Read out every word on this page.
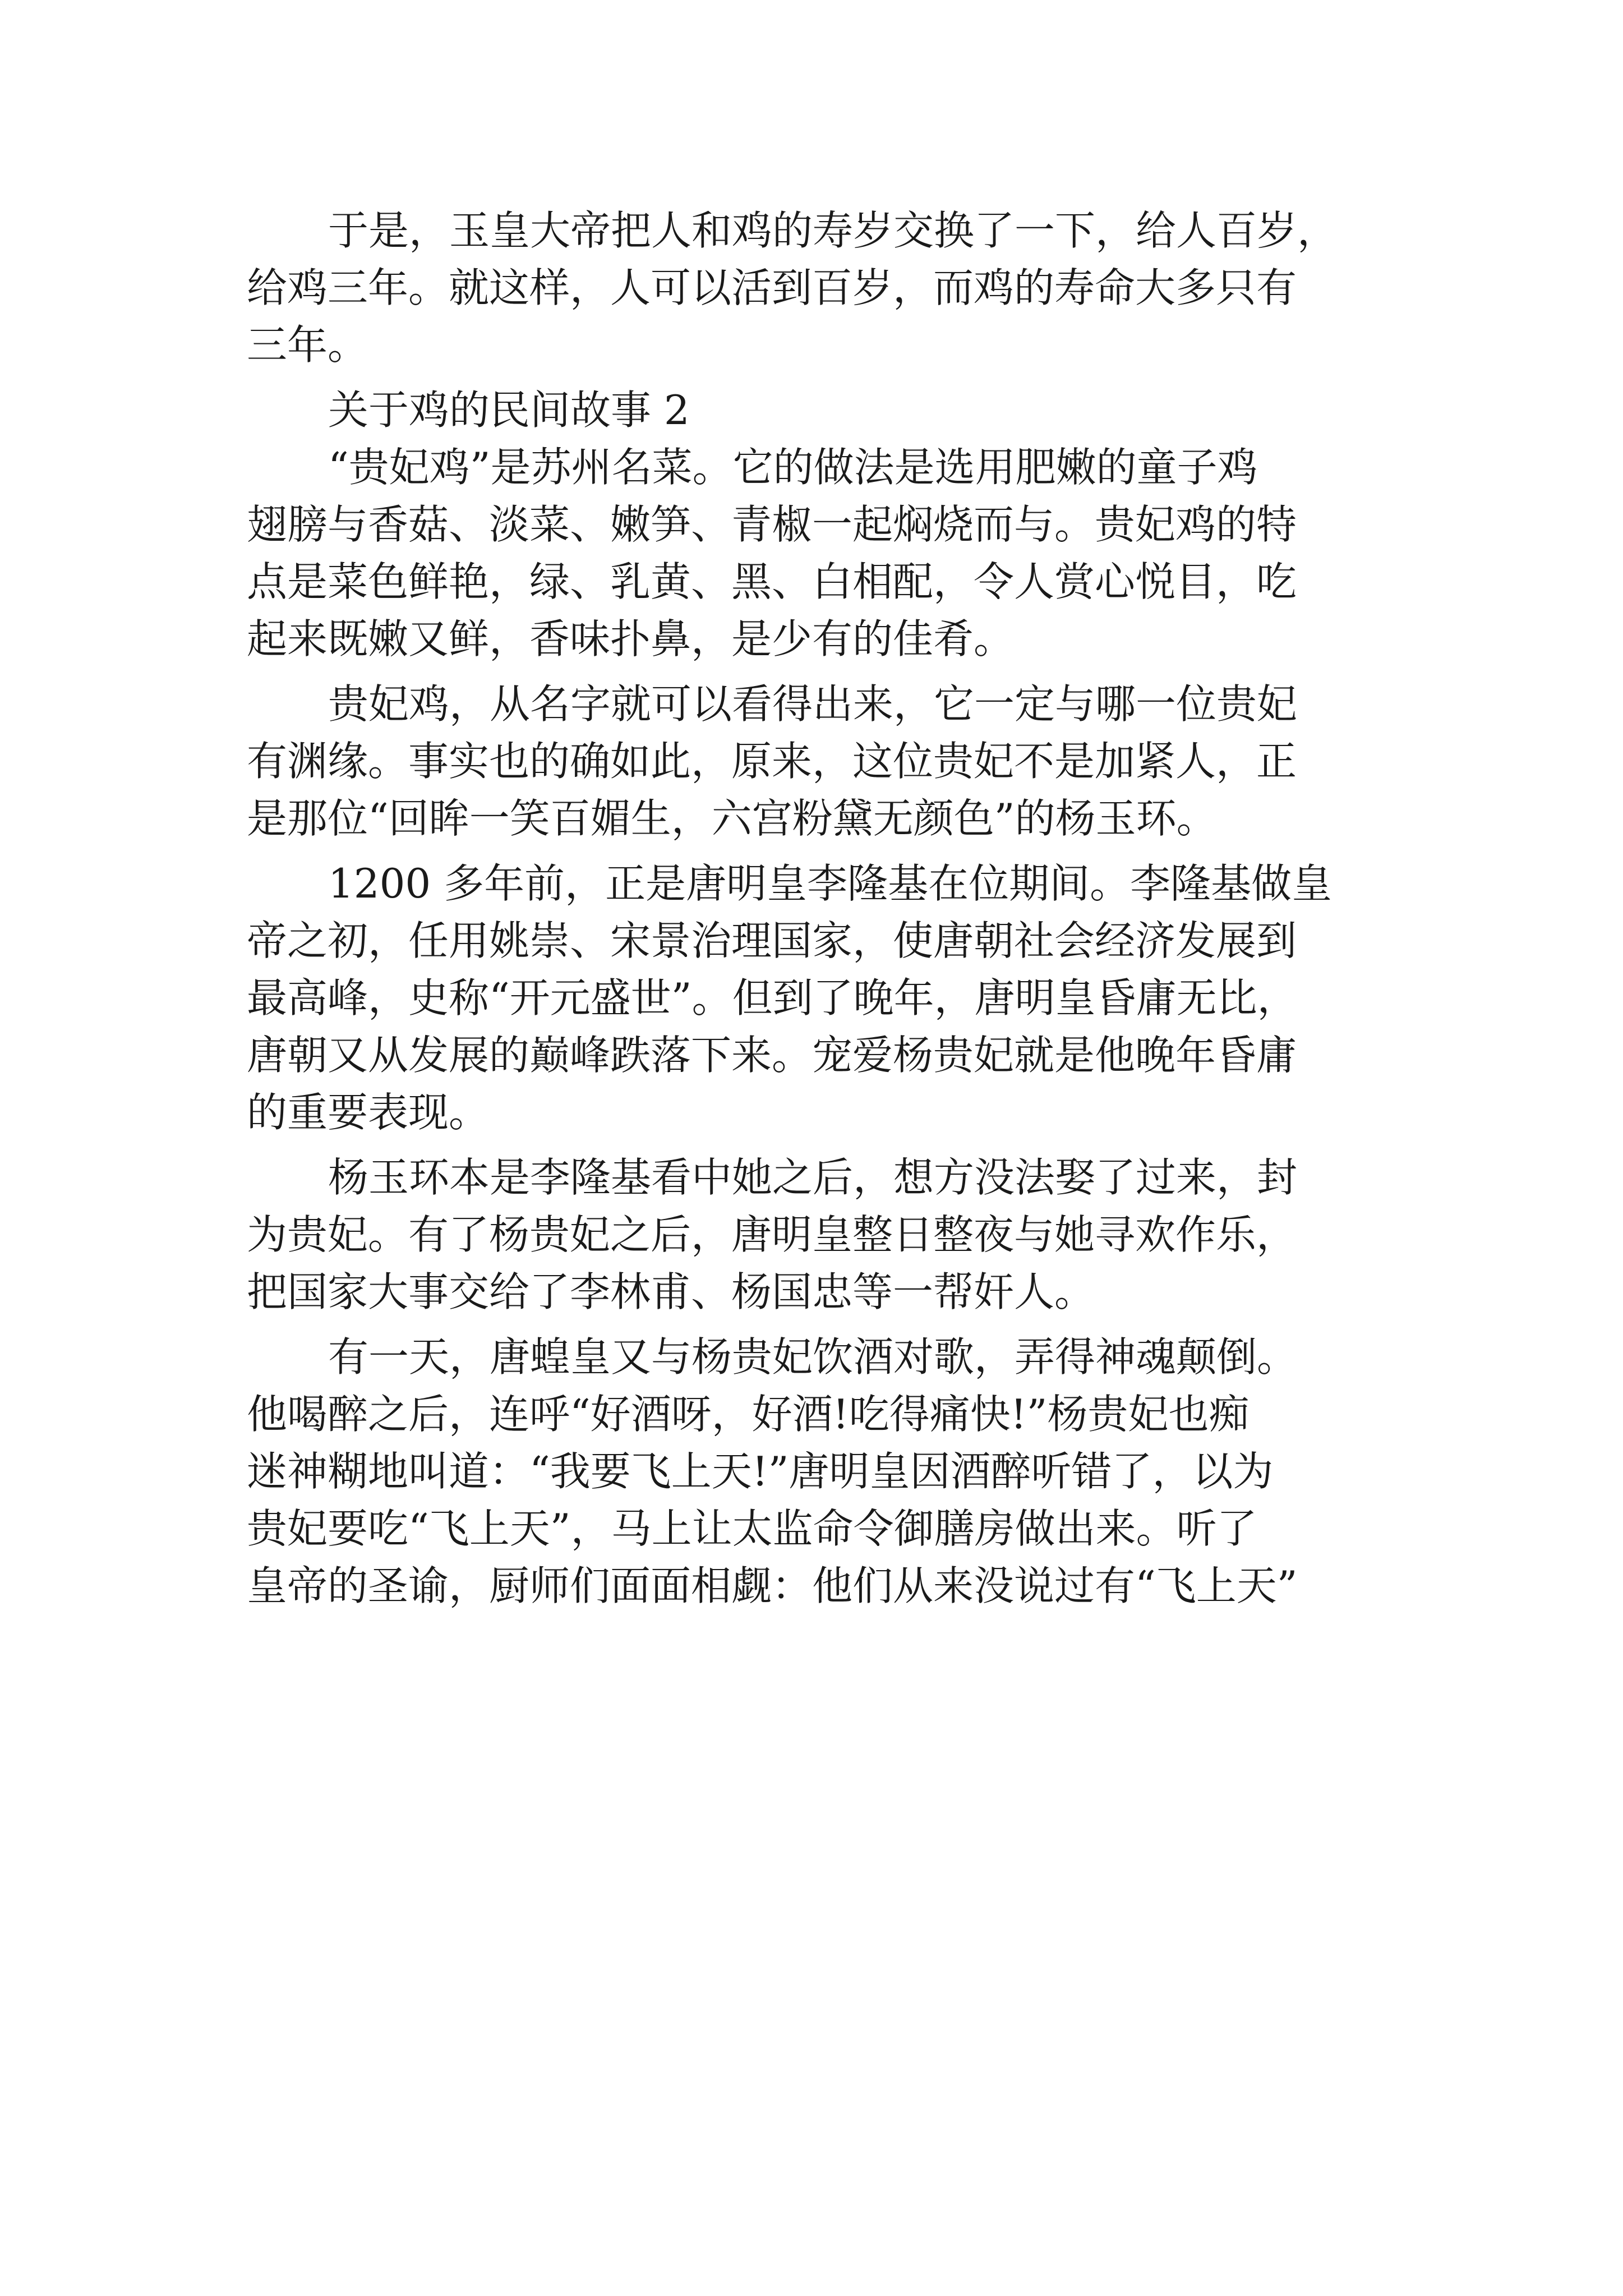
于是，玉皇大帝把人和鸡的寿岁交换了一下，给人百岁，

给鸡三年。就这样，人可以活到百岁，而鸡的寿命大多只有

三年。

关于鸡的民间故事 2

“贵妃鸡”是苏州名菜。它的做法是选用肥嫩的童子鸡

翅膀与香菇、淡菜、嫩笋、青椒一起焖烧而与。贵妃鸡的特

点是菜色鲜艳，绿、乳黄、黑、白相配，令人赏心悦目，吃

起来既嫩又鲜，香味扑鼻，是少有的佳肴。

贵妃鸡，从名字就可以看得出来，它一定与哪一位贵妃

有渊缘。事实也的确如此，原来，这位贵妃不是加紧人，正

是那位“回眸一笑百媚生，六宫粉黛无颜色”的杨玉环。

1200 多年前，正是唐明皇李隆基在位期间。李隆基做皇

帝之初，任用姚崇、宋景治理国家，使唐朝社会经济发展到

最高峰，史称“开元盛世”。但到了晚年，唐明皇昏庸无比，

唐朝又从发展的巅峰跌落下来。宠爱杨贵妃就是他晚年昏庸

的重要表现。

杨玉环本是李隆基看中她之后，想方没法娶了过来，封

为贵妃。有了杨贵妃之后，唐明皇整日整夜与她寻欢作乐，

把国家大事交给了李林甫、杨国忠等一帮奸人。

有一天，唐蝗皇又与杨贵妃饮酒对歌，弄得神魂颠倒。

他喝醉之后，连呼“好酒呀，好酒!吃得痛快!”杨贵妃也痴

迷神糊地叫道：“我要飞上天!”唐明皇因酒醉听错了，以为

贵妃要吃“飞上天”，马上让太监命令御膳房做出来。听了

皇帝的圣谕，厨师们面面相觑：他们从来没说过有“飞上天”
